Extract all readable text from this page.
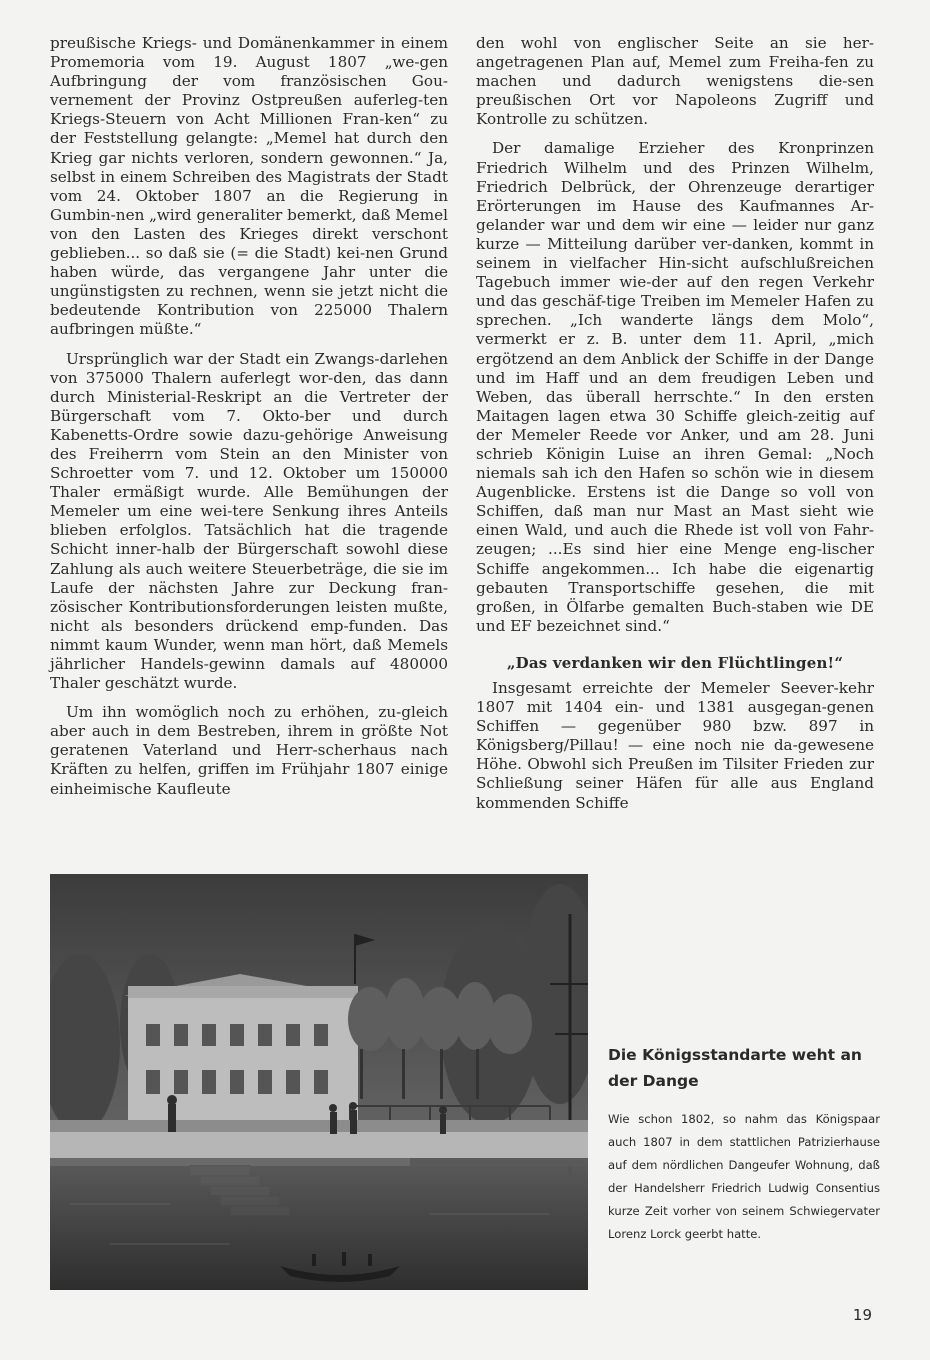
preußische Kriegs- und Domänenkammer in einem Promemoria vom 19. August 1807 „we-gen Aufbringung der vom französischen Gou-vernement der Provinz Ostpreußen auferleg-ten Kriegs-Steuern von Acht Millionen Fran-ken“ zu der Feststellung gelangte: „Memel hat durch den Krieg gar nichts verloren, sondern gewonnen.“ Ja, selbst in einem Schreiben des Magistrats der Stadt vom 24. Oktober 1807 an die Regierung in Gumbin-nen „wird generaliter bemerkt, daß Memel von den Lasten des Krieges direkt verschont geblieben... so daß sie (= die Stadt) kei-nen Grund haben würde, das vergangene Jahr unter die ungünstigsten zu rechnen, wenn sie jetzt nicht die bedeutende Kontribution von 225000 Thalern aufbringen müßte.“

Ursprünglich war der Stadt ein Zwangs-darlehen von 375000 Thalern auferlegt wor-den, das dann durch Ministerial-Reskript an die Vertreter der Bürgerschaft vom 7. Okto-ber und durch Kabenetts-Ordre sowie dazu-gehörige Anweisung des Freiherrn vom Stein an den Minister von Schroetter vom 7. und 12. Oktober um 150000 Thaler ermäßigt wurde. Alle Bemühungen der Memeler um eine wei-tere Senkung ihres Anteils blieben erfolglos. Tatsächlich hat die tragende Schicht inner-halb der Bürgerschaft sowohl diese Zahlung als auch weitere Steuerbeträge, die sie im Laufe der nächsten Jahre zur Deckung fran-zösischer Kontributionsforderungen leisten mußte, nicht als besonders drückend emp-funden. Das nimmt kaum Wunder, wenn man hört, daß Memels jährlicher Handels-gewinn damals auf 480000 Thaler geschätzt wurde.

Um ihn womöglich noch zu erhöhen, zu-gleich aber auch in dem Bestreben, ihrem in größte Not geratenen Vaterland und Herr-scherhaus nach Kräften zu helfen, griffen im Frühjahr 1807 einige einheimische Kaufleute

den wohl von englischer Seite an sie her-angetragenen Plan auf, Memel zum Freiha-fen zu machen und dadurch wenigstens die-sen preußischen Ort vor Napoleons Zugriff und Kontrolle zu schützen.

Der damalige Erzieher des Kronprinzen Friedrich Wilhelm und des Prinzen Wilhelm, Friedrich Delbrück, der Ohrenzeuge derartiger Erörterungen im Hause des Kaufmannes Ar-gelander war und dem wir eine — leider nur ganz kurze — Mitteilung darüber ver-danken, kommt in seinem in vielfacher Hin-sicht aufschlußreichen Tagebuch immer wie-der auf den regen Verkehr und das geschäf-tige Treiben im Memeler Hafen zu sprechen. „Ich wanderte längs dem Molo“, vermerkt er z. B. unter dem 11. April, „mich ergötzend an dem Anblick der Schiffe in der Dange und im Haff und an dem freudigen Leben und Weben, das überall herrschte.“ In den ersten Maitagen lagen etwa 30 Schiffe gleich-zeitig auf der Memeler Reede vor Anker, und am 28. Juni schrieb Königin Luise an ihren Gemal: „Noch niemals sah ich den Hafen so schön wie in diesem Augenblicke. Erstens ist die Dange so voll von Schiffen, daß man nur Mast an Mast sieht wie einen Wald, und auch die Rhede ist voll von Fahr-zeugen; ...Es sind hier eine Menge eng-lischer Schiffe angekommen... Ich habe die eigenartig gebauten Transportschiffe gesehen, die mit großen, in Ölfarbe gemalten Buch-staben wie DE und EF bezeichnet sind.“

„Das verdanken wir den Flüchtlingen!“

Insgesamt erreichte der Memeler Seever-kehr 1807 mit 1404 ein- und 1381 ausgegan-genen Schiffen — gegenüber 980 bzw. 897 in Königsberg/Pillau! — eine noch nie da-gewesene Höhe. Obwohl sich Preußen im Tilsiter Frieden zur Schließung seiner Häfen für alle aus England kommenden Schiffe

Die Königsstandarte weht an der Dange

Wie schon 1802, so nahm das Königspaar auch 1807 in dem stattlichen Patrizierhause auf dem nördlichen Dangeufer Wohnung, daß der Handelsherr Friedrich Ludwig Consentius kurze Zeit vorher von seinem Schwiegervater Lorenz Lorck geerbt hatte.

19
